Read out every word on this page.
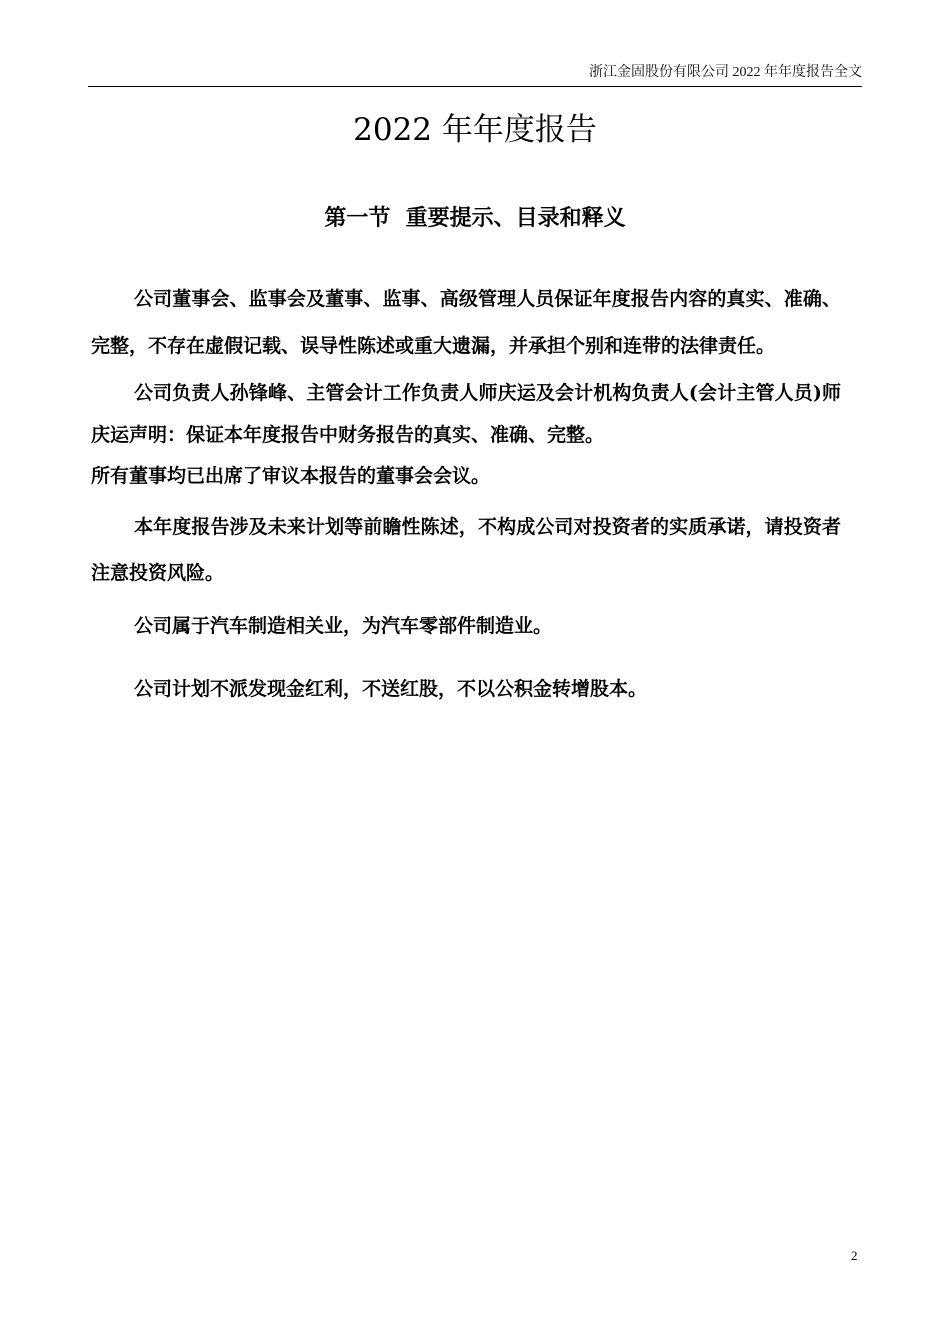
浙江金固股份有限公司 2022 年年度报告全文
2022 年年度报告
第一节  重要提示、目录和释义

公司董事会、监事会及董事、监事、高级管理人员保证年度报告内容的真实、准确、完整，不存在虚假记载、误导性陈述或重大遗漏，并承担个别和连带的法律责任。

公司负责人孙锋峰、主管会计工作负责人师庆运及会计机构负责人(会计主管人员)师庆运声明：保证本年度报告中财务报告的真实、准确、完整。

所有董事均已出席了审议本报告的董事会会议。

本年度报告涉及未来计划等前瞻性陈述，不构成公司对投资者的实质承诺，请投资者注意投资风险。

公司属于汽车制造相关业，为汽车零部件制造业。

公司计划不派发现金红利，不送红股，不以公积金转增股本。

2
